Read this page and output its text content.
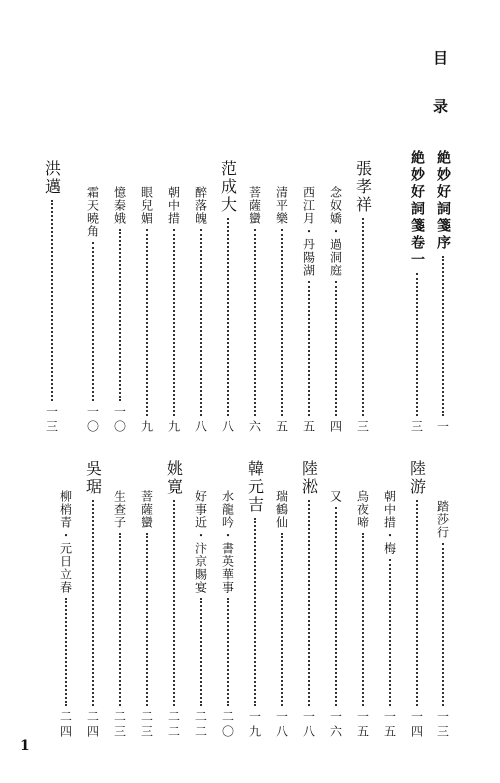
目 录
絶妙好詞箋序
一
絶妙好詞箋卷一
三
張孝祥
三
念奴嬌・過洞庭
四
西江月・丹陽湖
五
清平樂
五
菩薩蠻
六
范成大
八
醉落魄
八
朝中措
九
眼兒媚
九
憶秦娥
一〇
霜天曉角
一〇
洪邁
一三
踏莎行
一三
陸游
一四
朝中措・梅
一五
烏夜啼
一五
又
一六
陸淞
一八
瑞鶴仙
一八
韓元吉
一九
水龍吟・書英華事
二〇
好事近・汴京賜宴
二二
姚寛
二二
菩薩蠻
二三
生查子
二三
吳琚
二四
柳梢青・元日立春
二四
1
